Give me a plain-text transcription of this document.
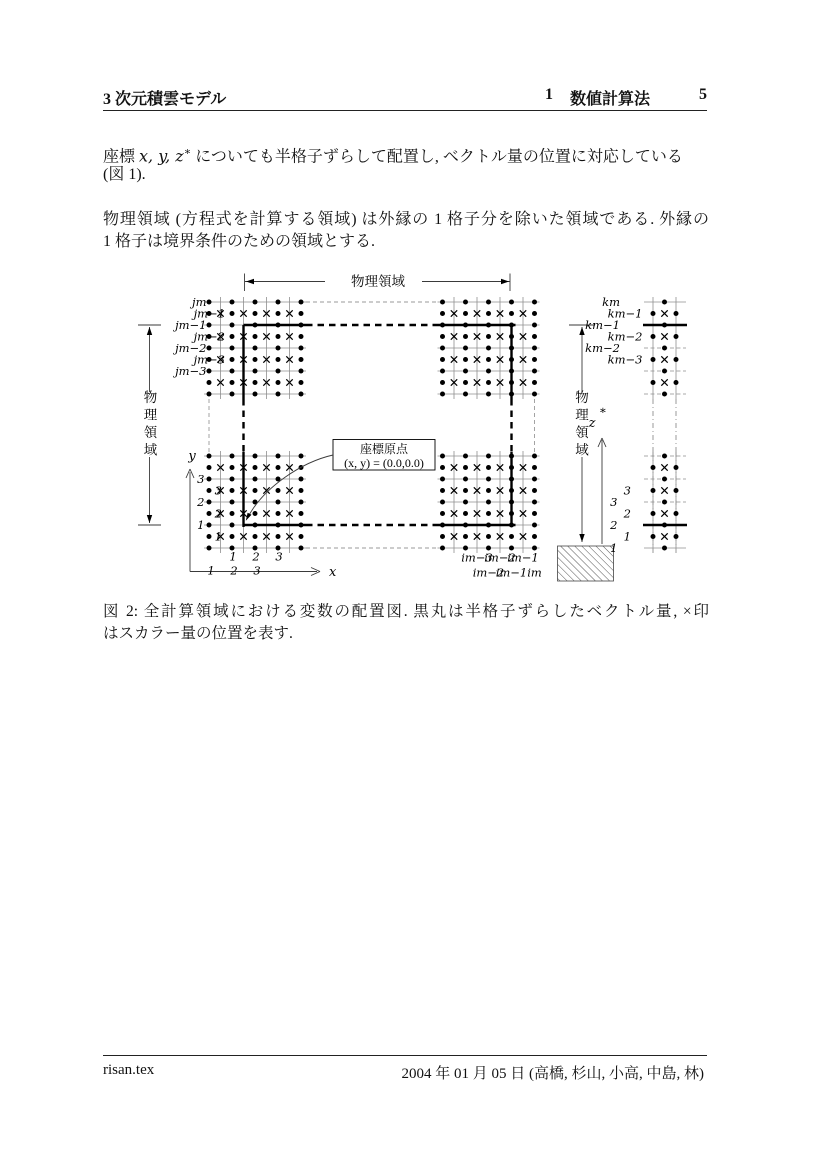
3 次元積雲モデル	1 数値計算法	5
座標 x, y, z∗ についても半格子ずらして配置し, ベクトル量の位置に対応している
(図 1).
物理領域 (方程式を計算する領域) は外縁の 1 格子分を除いた領域である. 外縁の
1 格子は境界条件のための領域とする.
物理領域
物
理
領
域
物
理
領
域
z
∗
y
x
座標原点
(x, y) = (0.0,0.0)
jm
jm−1
jm−2
jm−3
jm−1
jm−2
jm−3
3
2
1
3
2
1
1 2 3
1 2 3
im−3
im−2
im−1
im−2
im−1 im
km
km−1
km−2
km−1
km−2
km−3
3
2
1
3
2
1
図 2: 全計算領域における変数の配置図. 黒丸は半格子ずらしたベクトル量, ×印
はスカラー量の位置を表す.
risan.tex	2004 年 01 月 05 日 (高橋, 杉山, 小高, 中島, 林)
